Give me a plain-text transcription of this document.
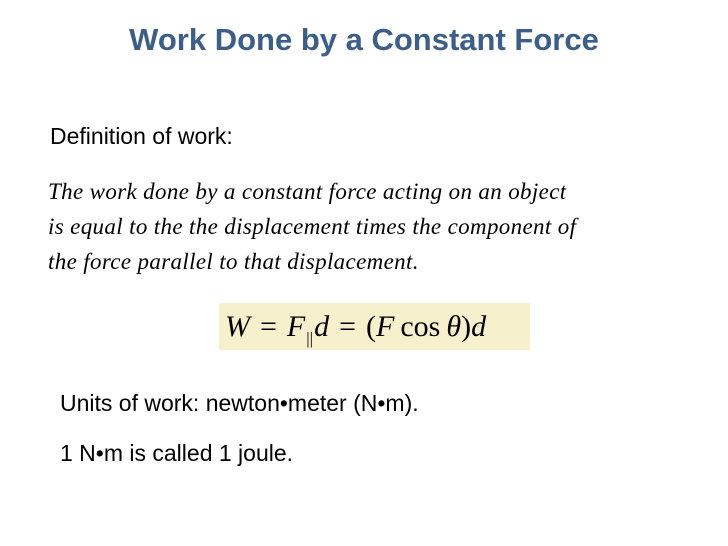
Work Done by a Constant Force
Definition of work:
The work done by a constant force acting on an object
is equal to the the displacement times the component of
the force parallel to that displacement.
$W = F_{||}d = (F$ cos θ)d
Units of work: newton•meter (N•m).
1 N•m is called 1 joule.
